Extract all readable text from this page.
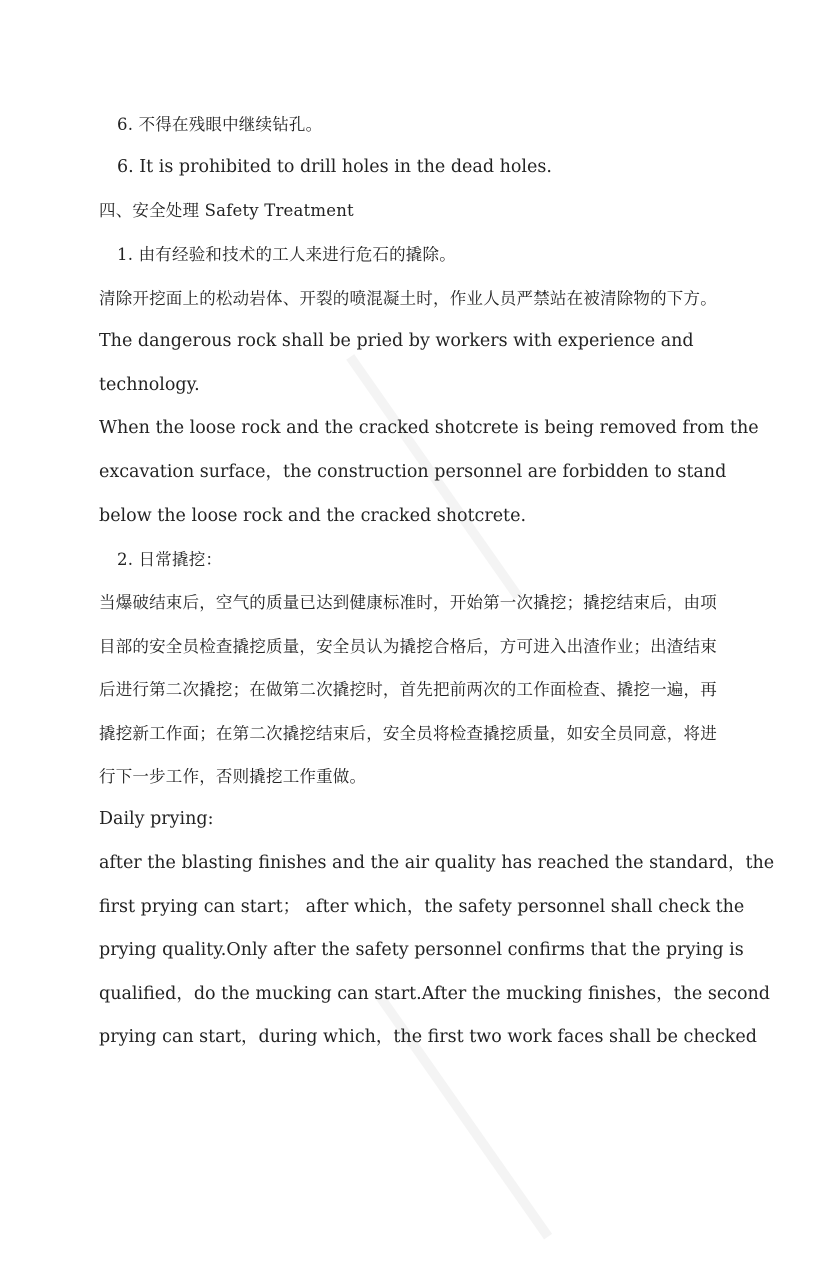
6. 不得在残眼中继续钻孔。
6. It is prohibited to drill holes in the dead holes.
四、安全处理 Safety Treatment
1. 由有经验和技术的工人来进行危石的撬除。
清除开挖面上的松动岩体、开裂的喷混凝土时，作业人员严禁站在被清除物的下方。
The dangerous rock shall be pried by workers with experience and
technology.
When the loose rock and the cracked shotcrete is being removed from the
excavation surface，the construction personnel are forbidden to stand
below the loose rock and the cracked shotcrete.
2. 日常撬挖：
当爆破结束后，空气的质量已达到健康标准时，开始第一次撬挖；撬挖结束后，由项
目部的安全员检查撬挖质量，安全员认为撬挖合格后，方可进入出渣作业；出渣结束
后进行第二次撬挖；在做第二次撬挖时，首先把前两次的工作面检查、撬挖一遍，再
撬挖新工作面；在第二次撬挖结束后，安全员将检查撬挖质量，如安全员同意，将进
行下一步工作，否则撬挖工作重做。
Daily prying:
after the blasting finishes and the air quality has reached the standard，the
first prying can start； after which，the safety personnel shall check the
prying quality.Only after the safety personnel confirms that the prying is
qualified，do the mucking can start.After the mucking finishes，the second
prying can start，during which，the first two work faces shall be checked
